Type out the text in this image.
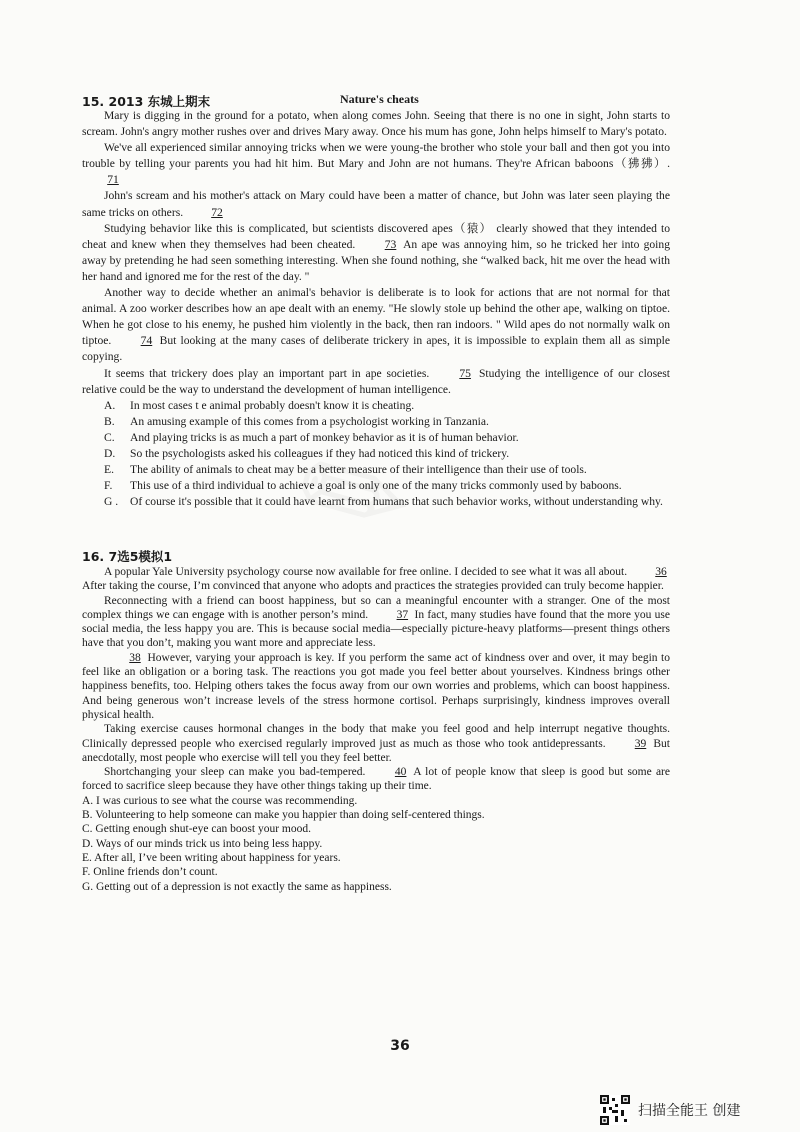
15. 2013 东城上期末	Nature's cheats

Mary is digging in the ground for a potato, when along comes John. Seeing that there is no one in sight, John starts to scream. John's angry mother rushes over and drives Mary away. Once his mum has gone, John helps himself to Mary's potato.

We've all experienced similar annoying tricks when we were young-the brother who stole your ball and then got you into trouble by telling your parents you had hit him. But Mary and John are not humans. They're African baboons（狒狒）. 71

John's scream and his mother's attack on Mary could have been a matter of chance, but John was later seen playing the same tricks on others. 72

Studying behavior like this is complicated, but scientists discovered apes（猿） clearly showed that they intended to cheat and knew when they themselves had been cheated. 73 An ape was annoying him, so he tricked her into going away by pretending he had seen something interesting. When she found nothing, she “walked back, hit me over the head with her hand and ignored me for the rest of the day. "

Another way to decide whether an animal's behavior is deliberate is to look for actions that are not normal for that animal. A zoo worker describes how an ape dealt with an enemy. "He slowly stole up behind the other ape, walking on tiptoe. When he got close to his enemy, he pushed him violently in the back, then ran indoors. " Wild apes do not normally walk on tiptoe. 74 But looking at the many cases of deliberate trickery in apes, it is impossible to explain them all as simple copying.

It seems that trickery does play an important part in ape societies. 75 Studying the intelligence of our closest relative could be the way to understand the development of human intelligence.

A. In most cases t e animal probably doesn't know it is cheating.
B. An amusing example of this comes from a psychologist working in Tanzania.
C. And playing tricks is as much a part of monkey behavior as it is of human behavior.
D. So the psychologists asked his colleagues if they had noticed this kind of trickery.
E. The ability of animals to cheat may be a better measure of their intelligence than their use of tools.
F. This use of a third individual to achieve a goal is only one of the many tricks commonly used by baboons.
G . Of course it's possible that it could have learnt from humans that such behavior works, without understanding why.
16. 7选5模拟1

A popular Yale University psychology course now available for free online. I decided to see what it was all about. 36 After taking the course, I’m convinced that anyone who adopts and practices the strategies provided can truly become happier.

Reconnecting with a friend can boost happiness, but so can a meaningful encounter with a stranger. One of the most complex things we can engage with is another person’s mind. 37 In fact, many studies have found that the more you use social media, the less happy you are. This is because social media—especially picture-heavy platforms—present things others have that you don’t, making you want more and appreciate less.

38 However, varying your approach is key. If you perform the same act of kindness over and over, it may begin to feel like an obligation or a boring task. The reactions you got made you feel better about yourselves. Kindness brings other happiness benefits, too. Helping others takes the focus away from our own worries and problems, which can boost happiness. And being generous won’t increase levels of the stress hormone cortisol. Perhaps surprisingly, kindness improves overall physical health.

Taking exercise causes hormonal changes in the body that make you feel good and help interrupt negative thoughts. Clinically depressed people who exercised regularly improved just as much as those who took antidepressants. 39 But anecdotally, most people who exercise will tell you they feel better.

Shortchanging your sleep can make you bad-tempered. 40 A lot of people know that sleep is good but some are forced to sacrifice sleep because they have other things taking up their time.

A. I was curious to see what the course was recommending.
B. Volunteering to help someone can make you happier than doing self-centered things.
C. Getting enough shut-eye can boost your mood.
D. Ways of our minds trick us into being less happy.
E. After all, I’ve been writing about happiness for years.
F. Online friends don’t count.
G. Getting out of a depression is not exactly the same as happiness.
36
扫描全能王 创建
